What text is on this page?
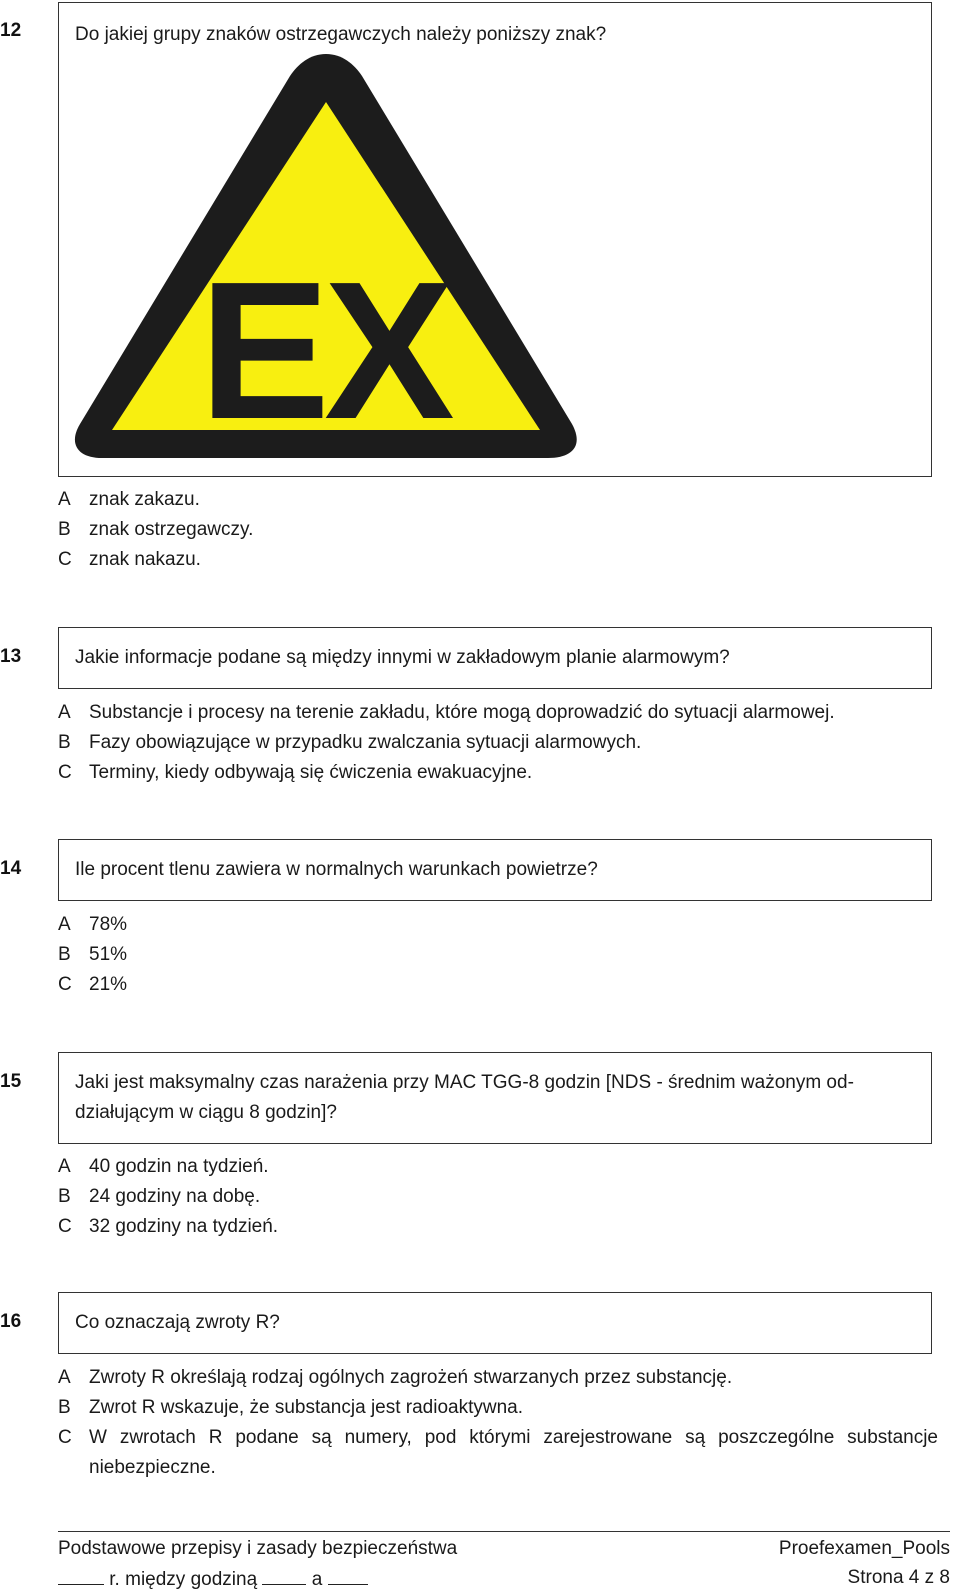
12	Do jakiej grupy znaków ostrzegawczych należy poniższy znak?
EX
A znak zakazu.
B znak ostrzegawczy.
C znak nakazu.
13	Jakie informacje podane są między innymi w zakładowym planie alarmowym?
A Substancje i procesy na terenie zakładu, które mogą doprowadzić do sytuacji alarmowej.
B Fazy obowiązujące w przypadku zwalczania sytuacji alarmowych.
C Terminy, kiedy odbywają się ćwiczenia ewakuacyjne.
14	Ile procent tlenu zawiera w normalnych warunkach powietrze?
A 78%
B 51%
C 21%
15	Jaki jest maksymalny czas narażenia przy MAC TGG-8 godzin [NDS - średnim ważonym od-
działującym w ciągu 8 godzin]?
A 40 godzin na tydzień.
B 24 godziny na dobę.
C 32 godziny na tydzień.
16	Co oznaczają zwroty R?
A Zwroty R określają rodzaj ogólnych zagrożeń stwarzanych przez substancję.
B Zwrot R wskazuje, że substancja jest radioaktywna.
C W zwrotach R podane są numery, pod którymi zarejestrowane są poszczególne substancje niebezpieczne.
Podstawowe przepisy i zasady bezpieczeństwa	Proefexamen_Pools
r. między godziną	a	Strona 4 z 8
